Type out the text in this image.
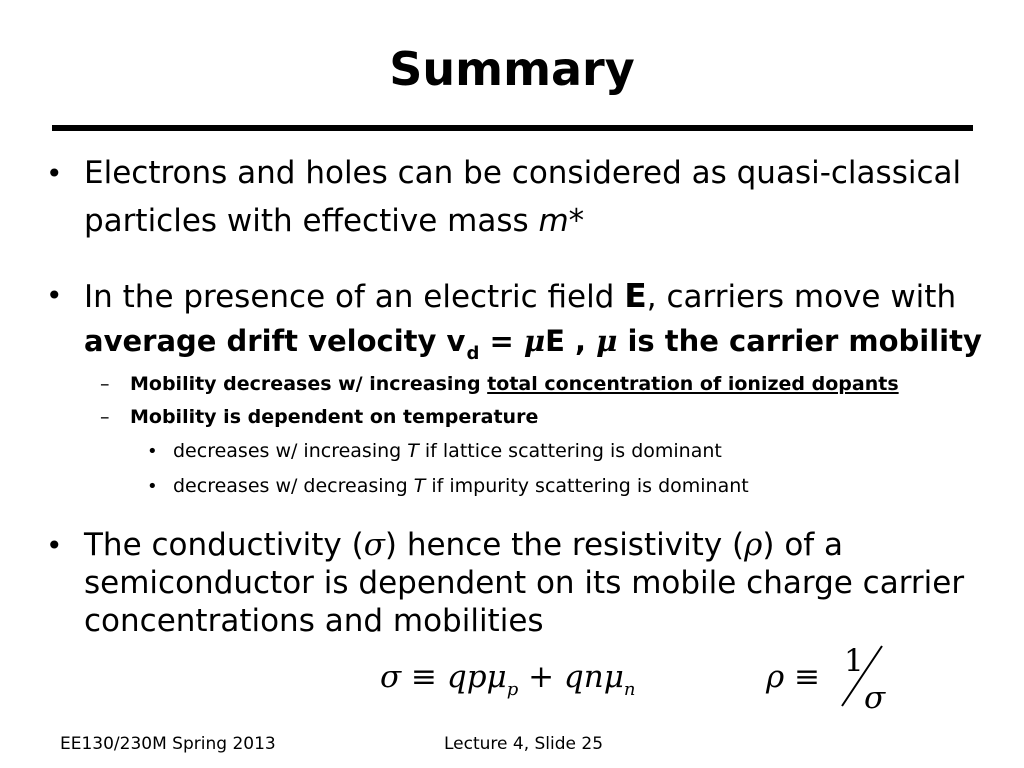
Summary
• Electrons and holes can be considered as quasi-classical
particles with effective mass m*
• In the presence of an electric field E, carriers move with
average drift velocity $v_d = \mu E$ , μ is the carrier mobility
– Mobility decreases w/ increasing total concentration of ionized dopants
– Mobility is dependent on temperature
• decreases w/ increasing T if lattice scattering is dominant
• decreases w/ decreasing T if impurity scattering is dominant
• The conductivity (σ) hence the resistivity (ρ) of a
semiconductor is dependent on its mobile charge carrier
concentrations and mobilities
σ ≡ qpμ$_p$ + qnμ$_n$	ρ ≡ 1
σ
EE130/230M Spring 2013	Lecture 4, Slide 25
